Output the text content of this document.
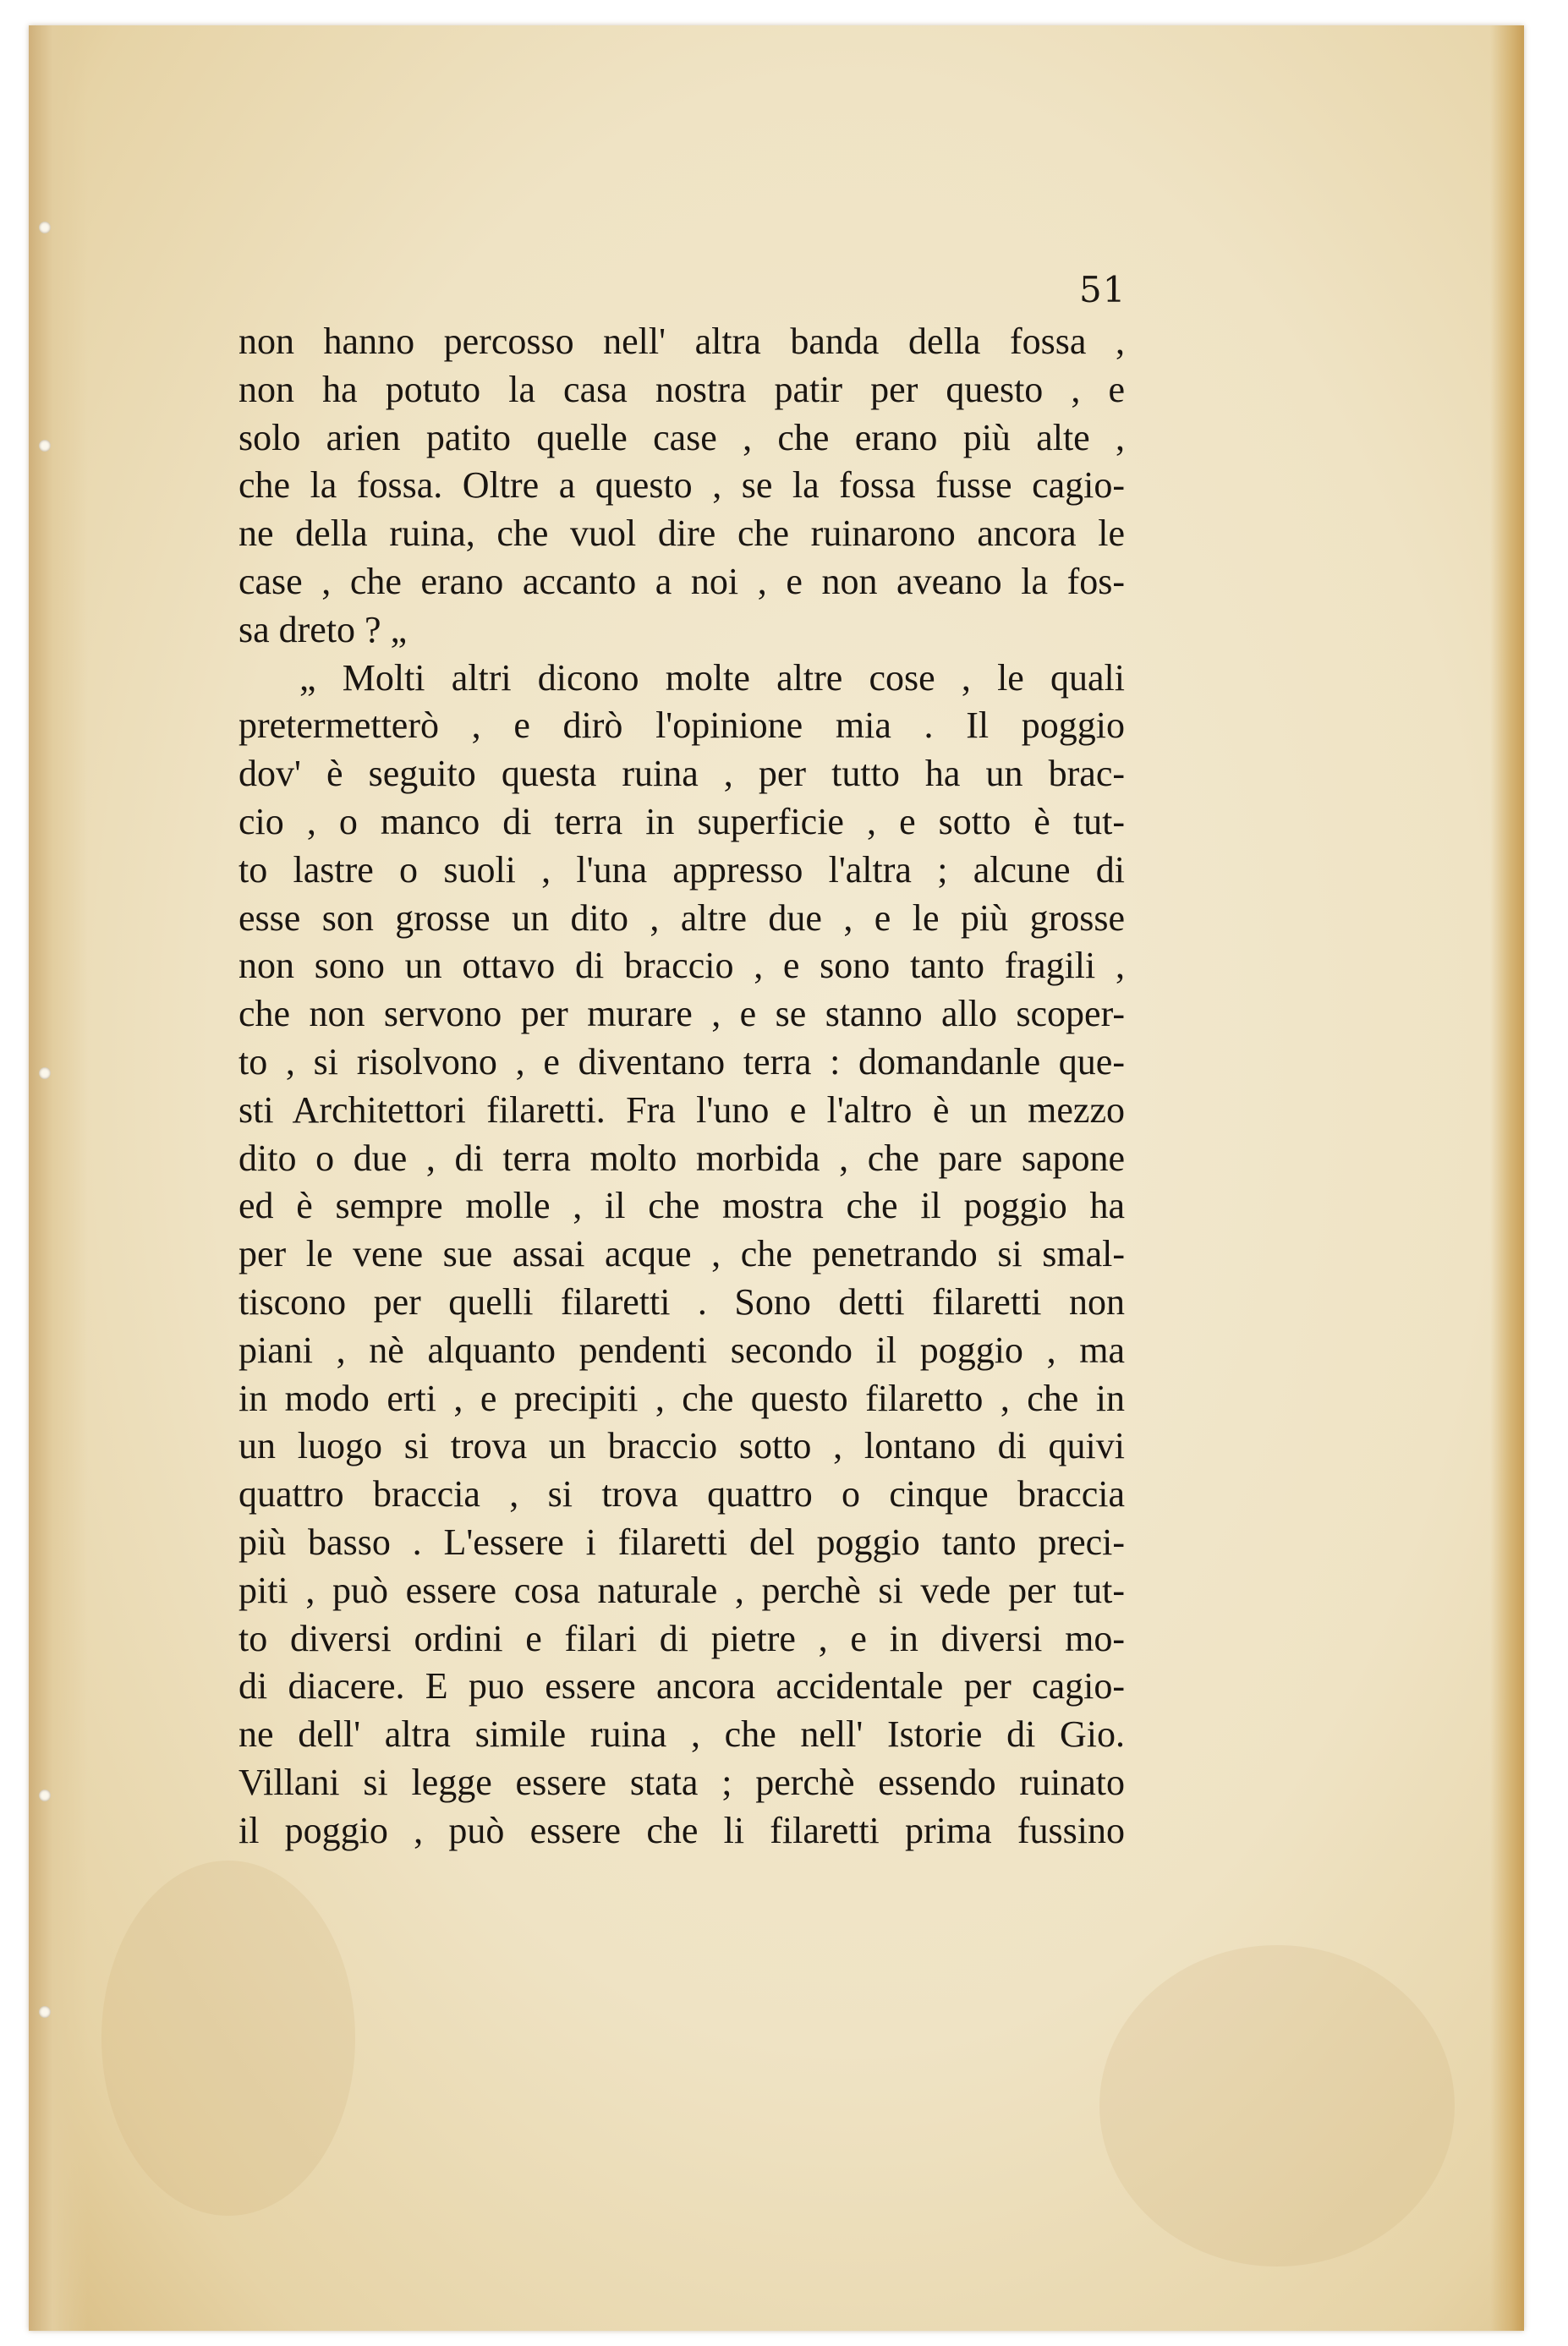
51
non hanno percosso nell' altra banda della fossa ,
non ha potuto la casa nostra patir per questo , e
solo arien patito quelle case , che erano più alte ,
che la fossa. Oltre a questo , se la fossa fusse cagio-
ne della ruina, che vuol dire che ruinarono ancora le
case , che erano accanto a noi , e non aveano la fos-
sa dreto ? „
„ Molti altri dicono molte altre cose , le quali
pretermetterò , e dirò l'opinione mia . Il poggio
dov' è seguito questa ruina , per tutto ha un brac-
cio , o manco di terra in superficie , e sotto è tut-
to lastre o suoli , l'una appresso l'altra ; alcune di
esse son grosse un dito , altre due , e le più grosse
non sono un ottavo di braccio , e sono tanto fragili ,
che non servono per murare , e se stanno allo scoper-
to , si risolvono , e diventano terra : domandanle que-
sti Architettori filaretti. Fra l'uno e l'altro è un mezzo
dito o due , di terra molto morbida , che pare sapone
ed è sempre molle , il che mostra che il poggio ha
per le vene sue assai acque , che penetrando si smal-
tiscono per quelli filaretti . Sono detti filaretti non
piani , nè alquanto pendenti secondo il poggio , ma
in modo erti , e precipiti , che questo filaretto , che in
un luogo si trova un braccio sotto , lontano di quivi
quattro braccia , si trova quattro o cinque braccia
più basso . L'essere i filaretti del poggio tanto preci-
piti , può essere cosa naturale , perchè si vede per tut-
to diversi ordini e filari di pietre , e in diversi mo-
di diacere. E puo essere ancora accidentale per cagio-
ne dell' altra simile ruina , che nell' Istorie di Gio.
Villani si legge essere stata ; perchè essendo ruinato
il poggio , può essere che li filaretti prima fussino
